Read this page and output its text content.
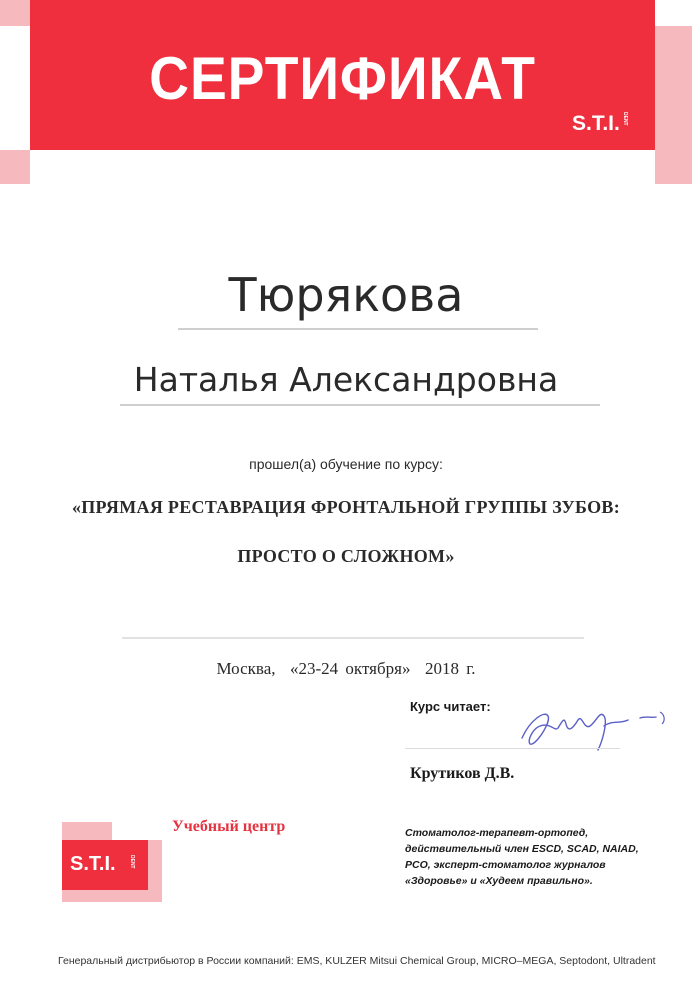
СЕРТИФИКАТ
S.T.I. DENT
Тюрякова
Наталья Александровна
прошел(а) обучение по курсу:
«ПРЯМАЯ РЕСТАВРАЦИЯ ФРОНТАЛЬНОЙ ГРУППЫ ЗУБОВ:
ПРОСТО О СЛОЖНОМ»
Москва,  «23-24 октября»  2018 г.
Курс читает:
Крутиков Д.В.
S.T.I.	DENT
Учебный центр	Стоматолог-терапевт-ортопед,
действительный член ESCD, SCAD, NAIAD,
РСО, эксперт-стоматолог журналов
«Здоровье» и «Худеем правильно».
Генеральный дистрибьютор в России компаний: EMS, KULZER Mitsui Chemical Group, MICRO–MEGA, Septodont, Ultradent
